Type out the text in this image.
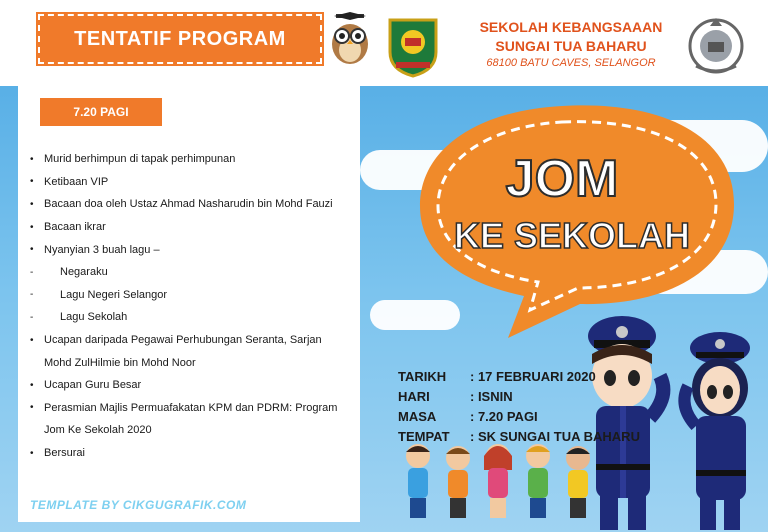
TENTATIF PROGRAM
SEKOLAH KEBANGSAAAN
SUNGAI TUA BAHARU
68100 BATU CAVES, SELANGOR
7.20 PAGI
• Murid berhimpun di tapak perhimpunan
• Ketibaan VIP
• Bacaan doa oleh Ustaz Ahmad Nasharudin bin Mohd Fauzi
• Bacaan ikrar
• Nyanyian 3 buah lagu –
-	Negaraku
-	Lagu Negeri Selangor
-	Lagu Sekolah
• Ucapan daripada Pegawai Perhubungan Seranta, Sarjan
Mohd ZulHilmie bin Mohd Noor
• Ucapan Guru Besar
• Perasmian Majlis Permuafakatan KPM dan PDRM: Program
Jom Ke Sekolah 2020
• Bersurai
TEMPLATE BY CIKGUGRAFIK.COM
JOM
KE SEKOLAH
TARIKH	: 17 FEBRUARI 2020
HARI	: ISNIN
MASA	: 7.20 PAGI
TEMPAT	: SK SUNGAI TUA BAHARU
